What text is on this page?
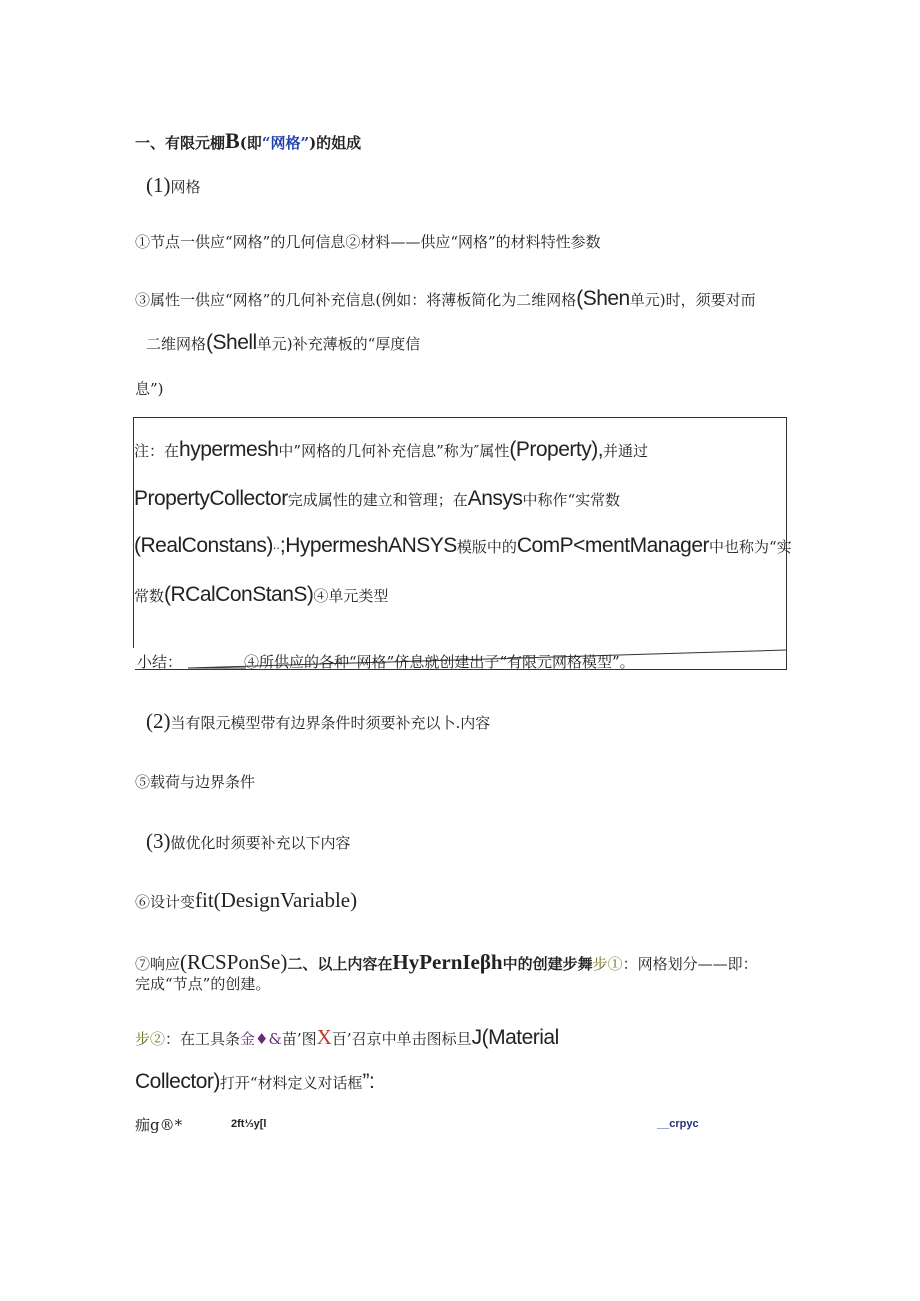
一、有限元棚B(即“网格”)的姐成
(1)网格
①节点一供应“网格”的几何信息②材料——供应“网格”的材料特性参数
③属性一供应“网格”的几何补充信息(例如：将薄板简化为二维网格(Shen单元)时，须要对而
二维网格(Shell单元)补充薄板的“厚度信
息”)
注：在hypermesh中”网格的几何补充信息”称为″属性(Property),并通过
PropertyCollector完成属性的建立和管理；在Ansys中称作“实常数
(RealConstans)··;HypermeshANSYS模版中的ComP<mentManager中也称为“实
常数(RCalConStanS)④单元类型
小结：	④所供应的各种“网格”侪息就创建出子“有限元网格模型”。
(2)当有限元模型带有边界条件时须要补充以卜.内容
⑤载荷与边界条件
(3)做优化时须要补充以下内容
⑥设计变fit(DesignVariable)
⑦响应(RCSPonSe)二、以上内容在HyPernIeβh中的创建步舞步①：网格划分——即：
完成“节点”的创建。
步②：在工具条金♦&苗’图X百’召京中单击图标旦J(Material
Collector)打开“材料定义对话框”:
痂g®*	2ft⅓y[l	__crpyc
